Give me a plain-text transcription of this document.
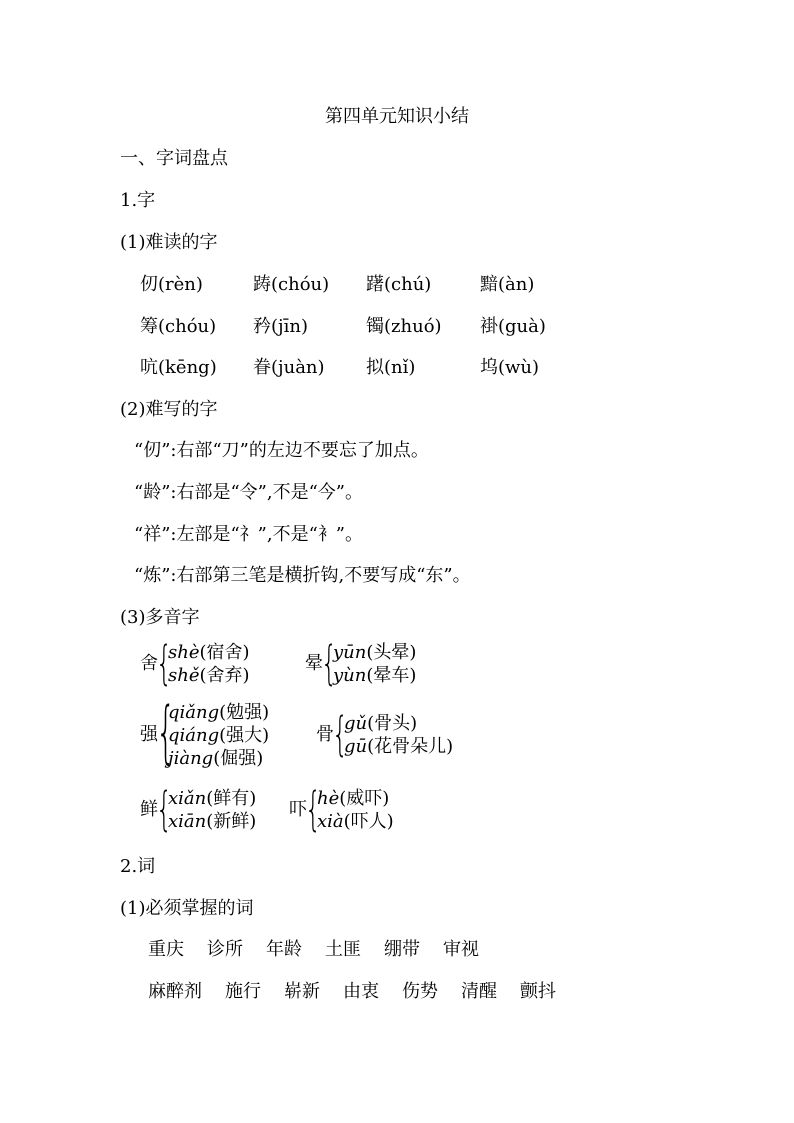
第四单元知识小结
一、字词盘点
1.字
(1)难读的字
仞(rèn)	踌(chóu) 躇(chú)	黯(àn)
筹(chóu) 矜(jīn)	镯(zhuó) 褂(guà)
吭(kēng) 眷(juàn) 拟(nǐ)	坞(wù)
(2)难写的字
“仞”:右部“刀”的左边不要忘了加点。
“龄”:右部是“令”,不是“今”。
“祥”:左部是“礻”,不是“衤”。
“炼”:右部第三笔是横折钩,不要写成“东”。
(3)多音字
舍
{
shè(宿舍)
shě(舍弃)
晕
{
yūn(头晕)
yùn(晕车)
强
{
qiǎng(勉强)
qiáng(强大)
jiàng(倔强)
骨
{
gǔ(骨头)
gū(花骨朵儿)
鲜
{
xiǎn(鲜有)
xiān(新鲜)
吓
{
hè(威吓)
xià(吓人)
2.词
(1)必须掌握的词
重庆 诊所 年龄 土匪 绷带 审视
麻醉剂 施行 崭新 由衷 伤势 清醒 颤抖
